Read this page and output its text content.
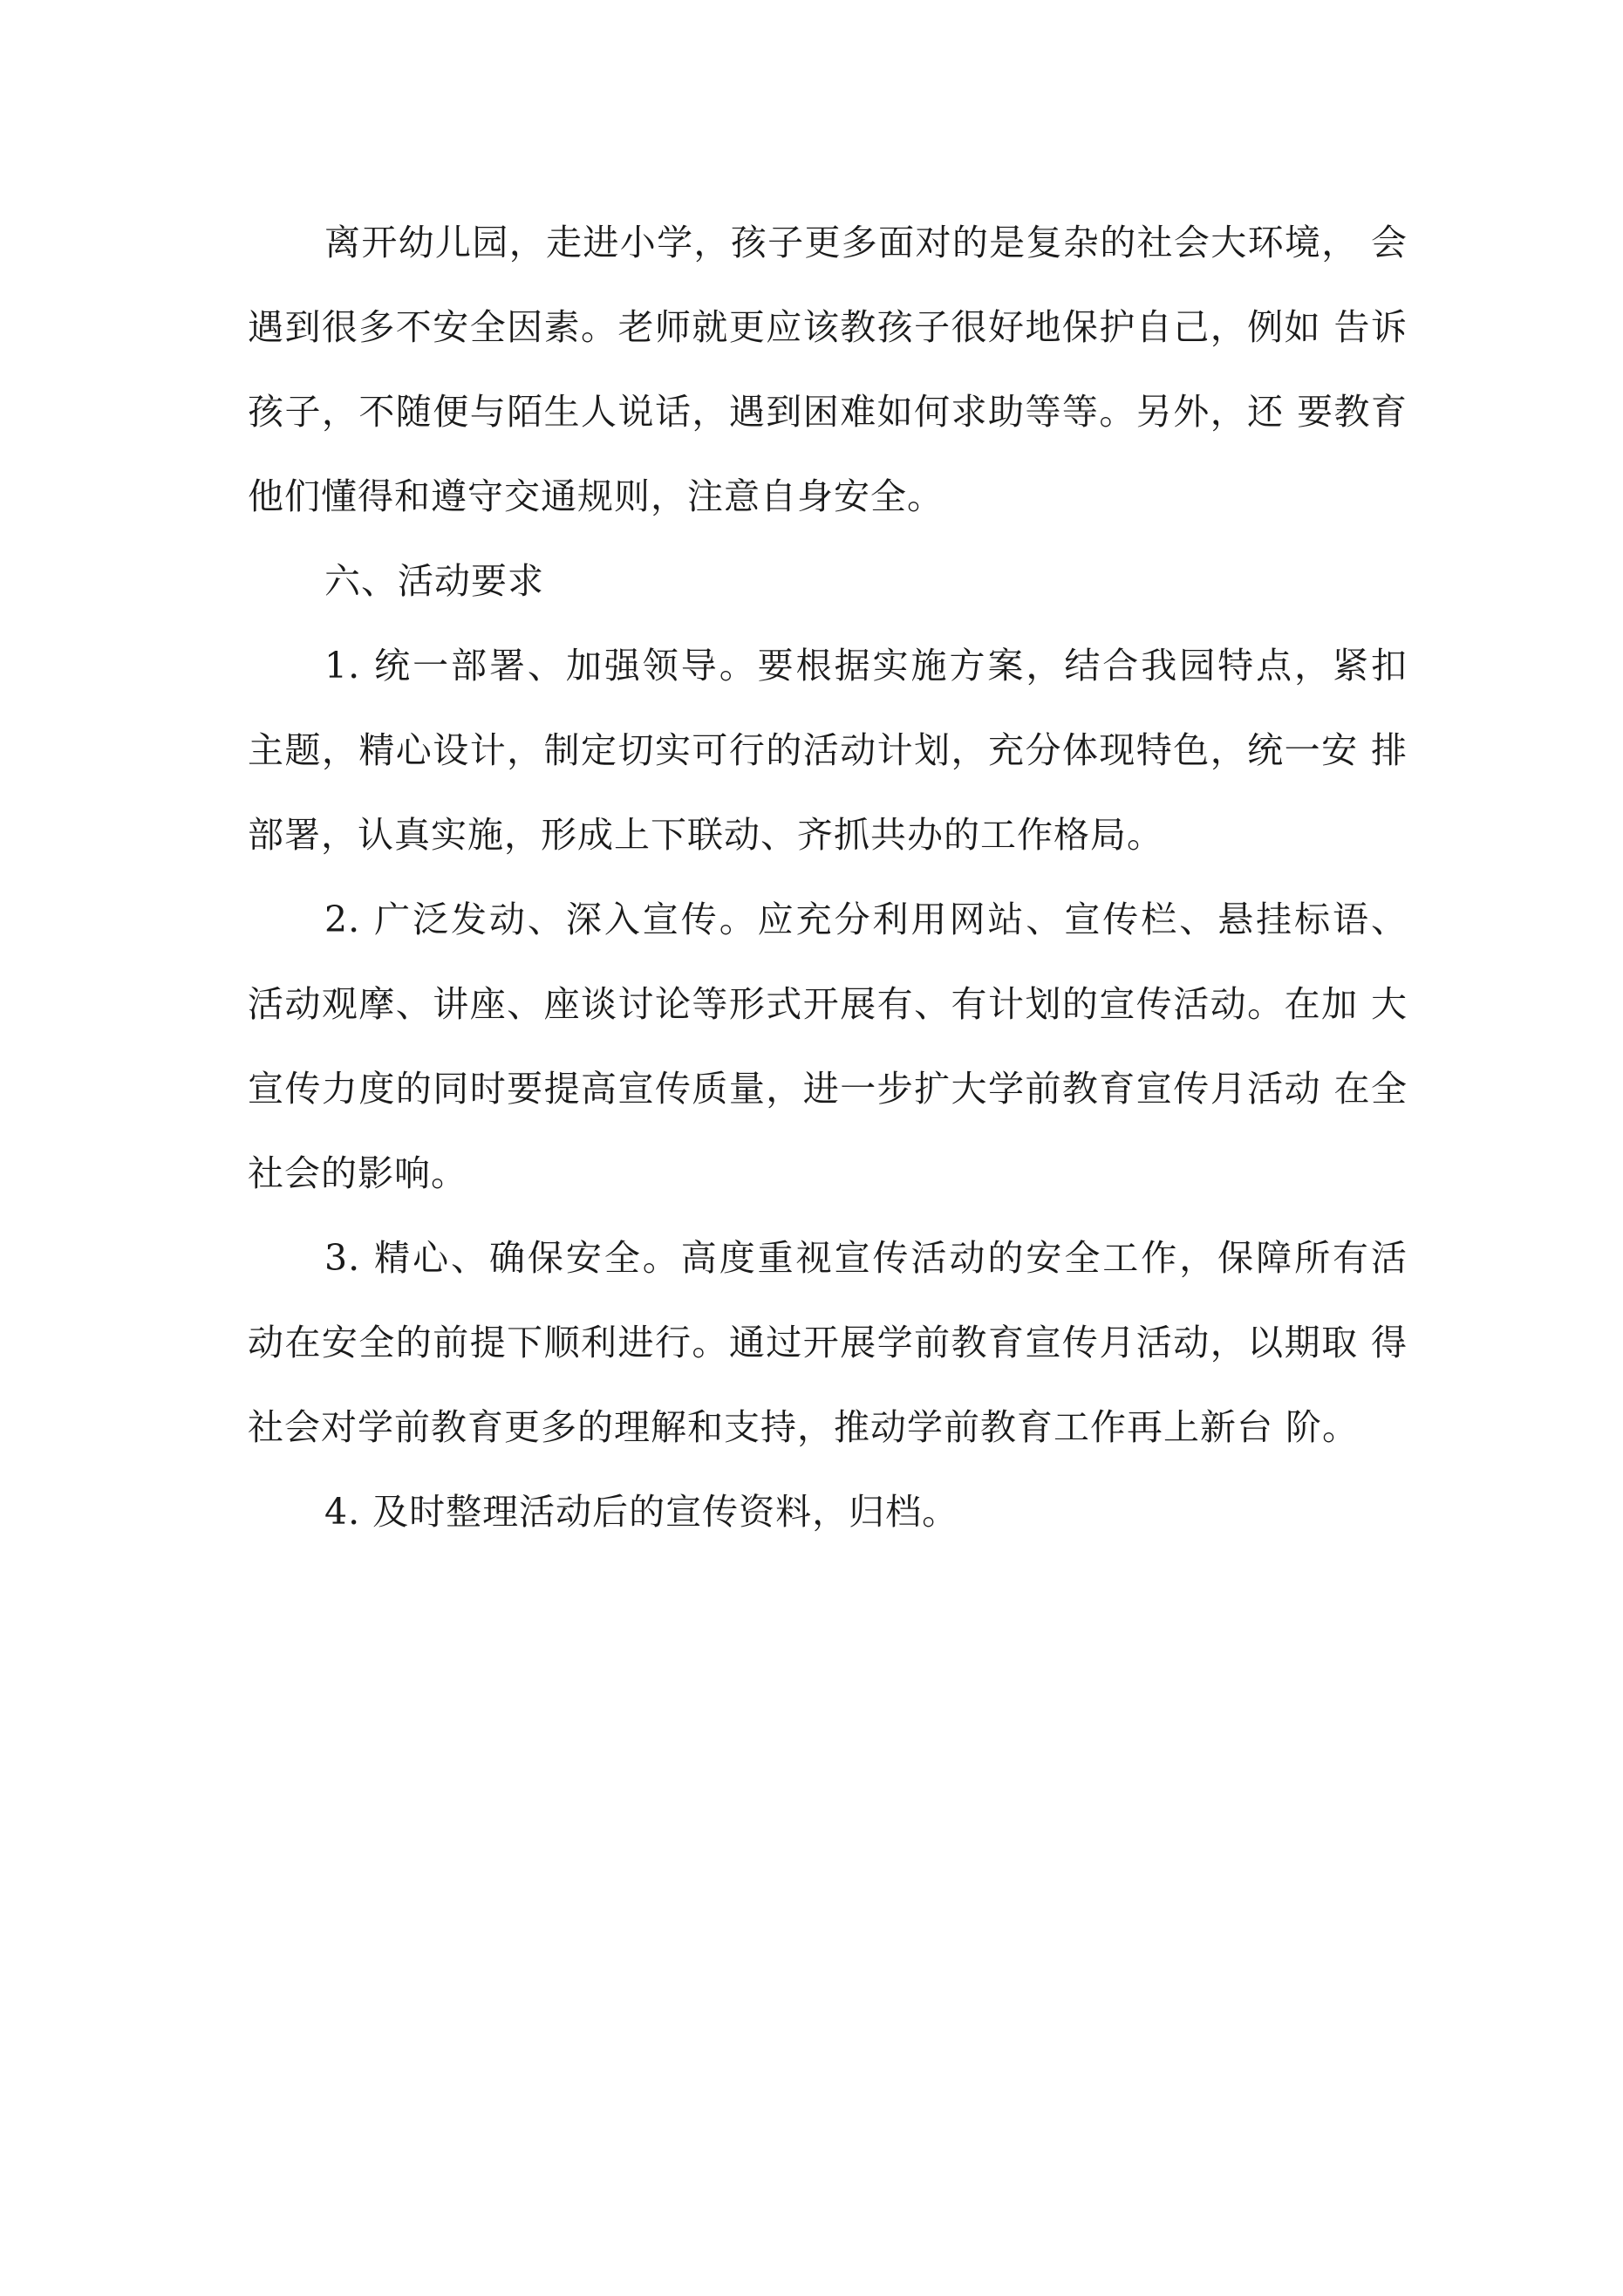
离开幼儿园，走进小学，孩子更多面对的是复杂的社会大环境， 会遇到很多不安全因素。老师就更应该教孩子很好地保护自己，例如 告诉孩子，不随便与陌生人说话，遇到困难如何求助等等。另外，还 要教育他们懂得和遵守交通规则，注意自身安全。

六、活动要求

1. 统一部署、加强领导。要根据实施方案，结合我园特点，紧扣 主题，精心设计，制定切实可行的活动计划，充分体现特色，统一安 排部署，认真实施，形成上下联动、齐抓共办的工作格局。

2. 广泛发动、深入宣传。应充分利用网站、宣传栏、悬挂标语、 活动观摩、讲座、座谈讨论等形式开展有、有计划的宣传活动。在加 大宣传力度的同时要提高宣传质量，进一步扩大学前教育宣传月活动 在全社会的影响。

3. 精心、确保安全。高度重视宣传活动的安全工作，保障所有活 动在安全的前提下顺利进行。通过开展学前教育宣传月活动，以期取 得社会对学前教育更多的理解和支持，推动学前教育工作再上新台 阶。

4. 及时整理活动后的宣传资料，归档。
